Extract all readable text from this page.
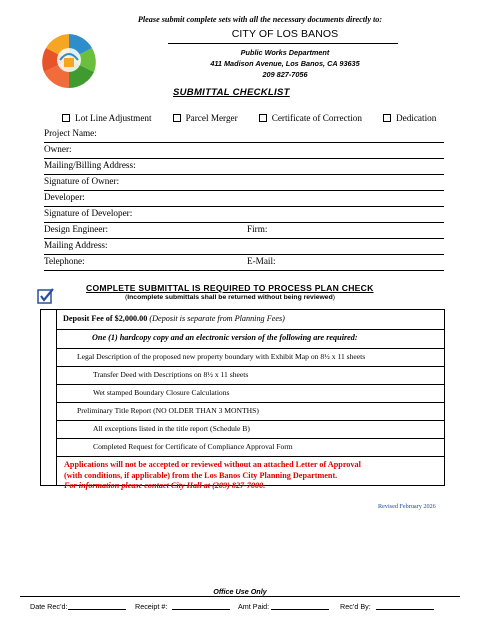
Please submit complete sets with all the necessary documents directly to:
CITY OF LOS BANOS
Public Works Department
411 Madison Avenue, Los Banos, CA 93635
209 827-7056
SUBMITTAL CHECKLIST
Lot Line Adjustment	Parcel Merger	Certificate of Correction	Dedication
Project Name:
Owner:
Mailing/Billing Address:
Signature of Owner:
Developer:
Signature of Developer:
Design Engineer:	Firm:
Mailing Address:
Telephone:	E-Mail:
COMPLETE SUBMITTAL IS REQUIRED TO PROCESS PLAN CHECK
(Incomplete submittals shall be returned without being reviewed)
Deposit Fee of $2,000.00 (Deposit is separate from Planning Fees)
One (1) hardcopy copy and an electronic version of the following are required:
Legal Description of the proposed new property boundary with Exhibit Map on 8½ x 11 sheets
Transfer Deed with Descriptions on 8½ x 11 sheets
Wet stamped Boundary Closure Calculations
Preliminary Title Report (NO OLDER THAN 3 MONTHS)
All exceptions listed in the title report (Schedule B)
Completed Request for Certificate of Compliance Approval Form
Applications will not be accepted or reviewed without an attached Letter of Approval
(with conditions, if applicable) from the Los Banos City Planning Department.
For information please contact City Hall at (209) 827-7000.
Revised February 2026
Office Use Only
Date Rec’d:	Receipt #:	Amt Paid:	Rec’d By:
